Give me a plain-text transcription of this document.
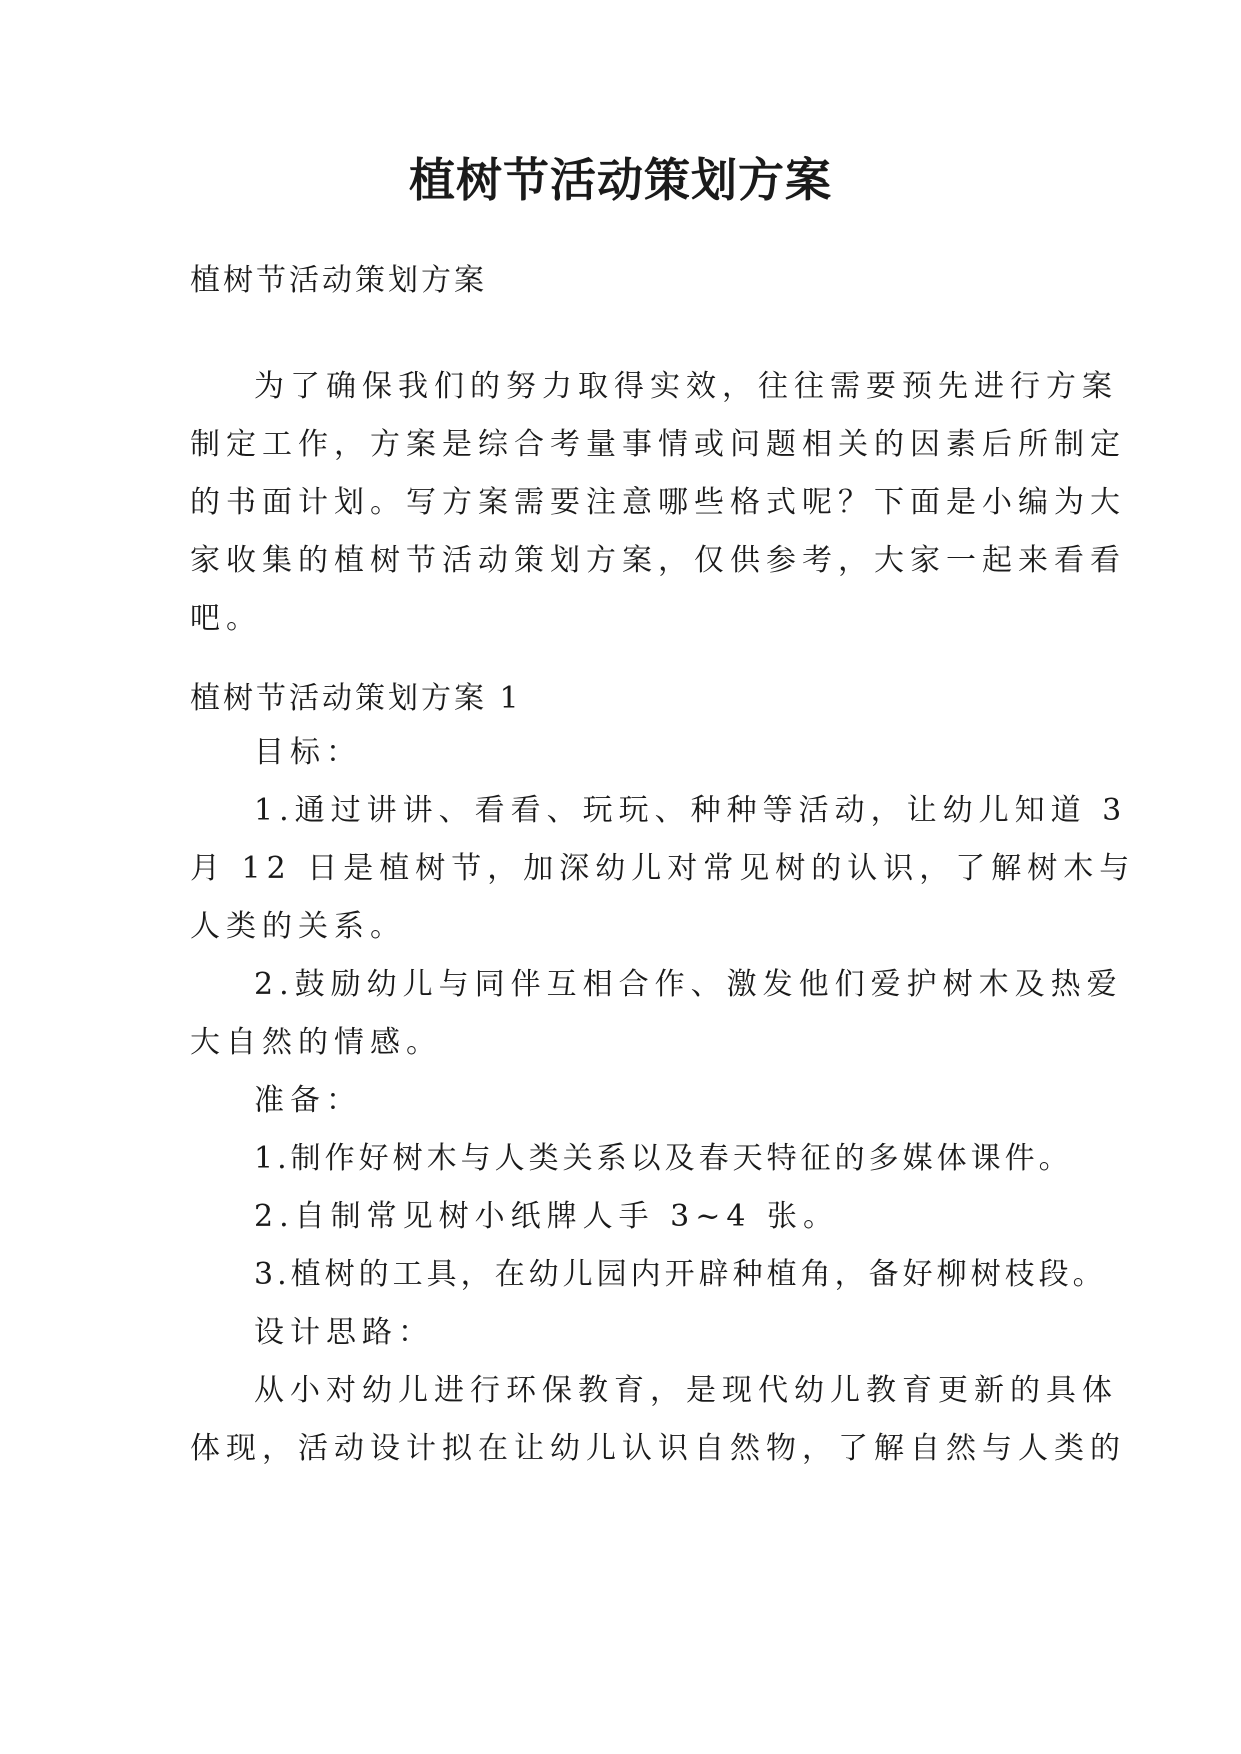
植树节活动策划方案
植树节活动策划方案

为了确保我们的努力取得实效，往往需要预先进行方案

制定工作，方案是综合考量事情或问题相关的因素后所制定

的书面计划。写方案需要注意哪些格式呢？下面是小编为大

家收集的植树节活动策划方案，仅供参考，大家一起来看看

吧。

植树节活动策划方案 1

目标：

1.通过讲讲、看看、玩玩、种种等活动，让幼儿知道 3

月 12 日是植树节，加深幼儿对常见树的认识，了解树木与

人类的关系。

2.鼓励幼儿与同伴互相合作、激发他们爱护树木及热爱

大自然的情感。

准备：

1.制作好树木与人类关系以及春天特征的多媒体课件。

2.自制常见树小纸牌人手 3~4 张。

3.植树的工具，在幼儿园内开辟种植角，备好柳树枝段。

设计思路：

从小对幼儿进行环保教育，是现代幼儿教育更新的具体

体现，活动设计拟在让幼儿认识自然物，了解自然与人类的
